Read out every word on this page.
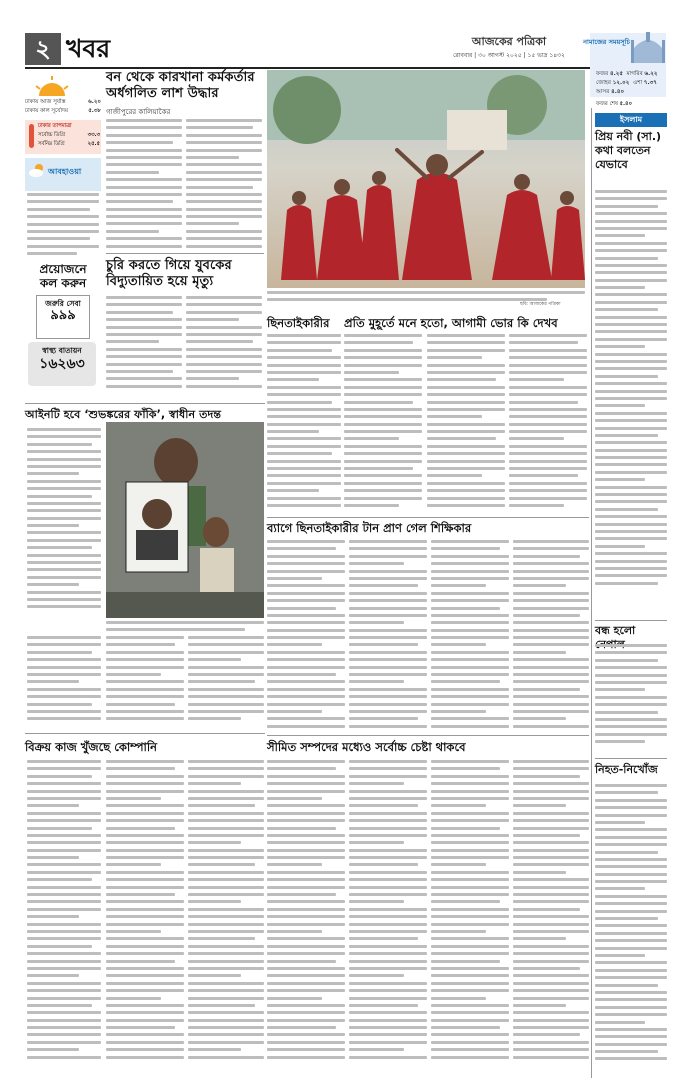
২ খবর	আজকের পত্রিকা
রোববার | ৩০ আগস্ট ২০২৫ | ১৫ ভাদ্র ১৪৩২
নামাজের সময়সূচি
ফজর ৪.২৫ মাগরিব ৬.২২
জোহর ১২.০২ এশা ৭.৩৭
আসর ৪.৪০
ফজর শেষ ৫.৪০
ঢাকায় আজ সূর্যাস্ত	৬.২০
ঢাকায় কাল সূর্যোদয়	৫.৩৮
ঢাকার তাপমাত্রা
সর্বোচ্চ ডিগ্রি	৩৩.৩
সর্বনিম্ন ডিগ্রি	২৫.৫
আবহাওয়া
প্রয়োজনে
কল করুন
জরুরি সেবা
৯৯৯
স্বাস্থ্য বাতায়ন
১৬২৬৩
বন থেকে কারখানা কর্মকর্তার অর্ধগলিত লাশ উদ্ধার
গাজীপুরের কালিয়াকৈর
ছবি: আজকের পত্রিকা
চুরি করতে গিয়ে যুবকের বিদ্যুতায়িত হয়ে মৃত্যু
আইনটি হবে ‘শুভঙ্করের ফাঁকি’, স্বাধীন তদন্ত
ছিনতাইকারীর	প্রতি মুহূর্তে মনে হতো, আগামী ভোর কি দেখব
ব্যাগে ছিনতাইকারীর টান প্রাণ গেল শিক্ষিকার
বিক্রয় কাজ খুঁজছে কোম্পানি	সীমিত সম্পদের মধ্যেও সর্বোচ্চ চেষ্টা থাকবে
ইসলাম
প্রিয় নবী (সা.) কথা বলতেন যেভাবে
বন্ধ হলো
নিহত-নিখোঁজ
